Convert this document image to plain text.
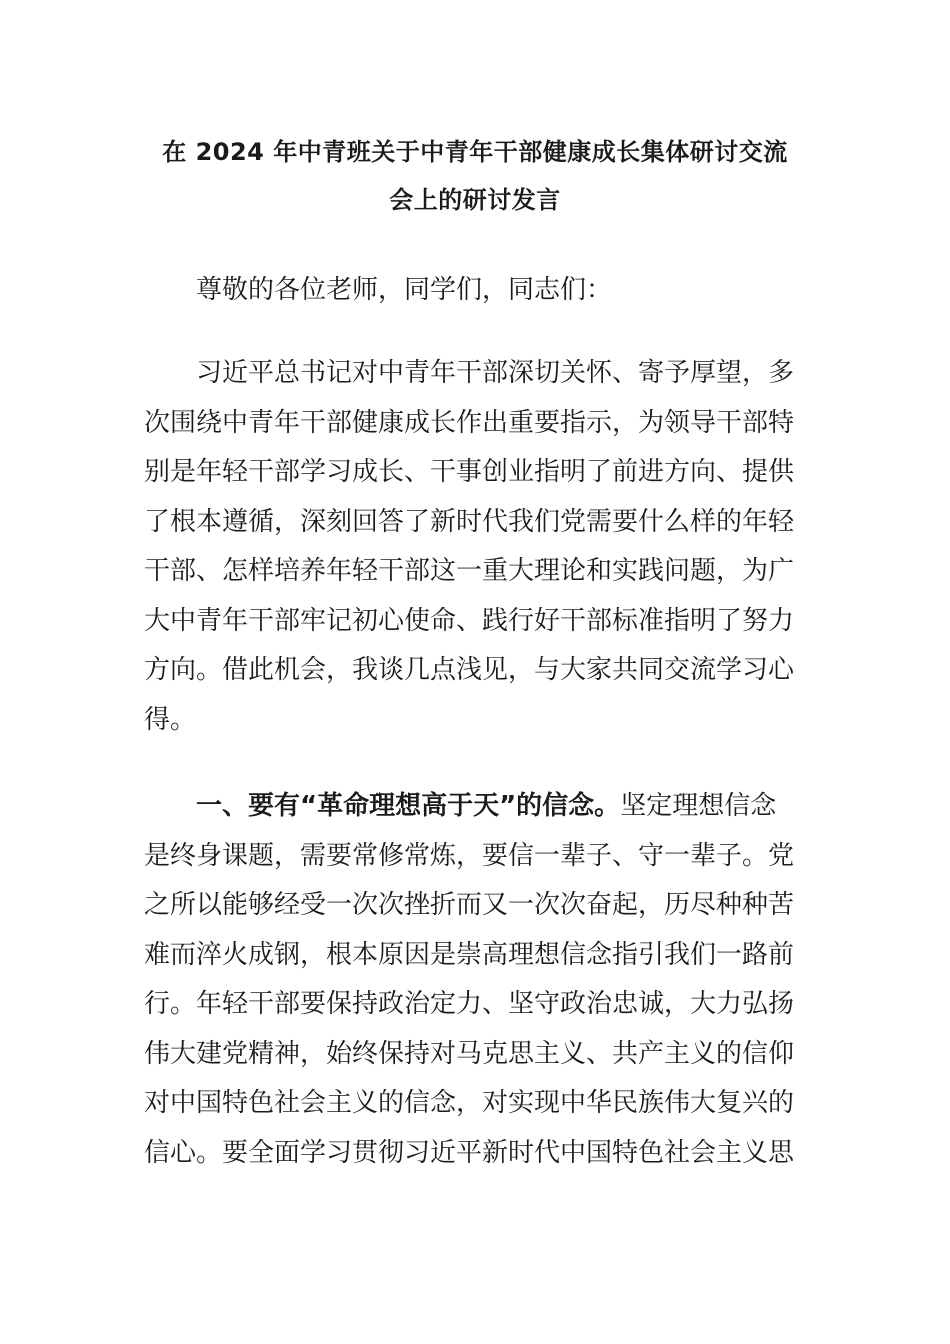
在 2024 年中青班关于中青年干部健康成长集体研讨交流
会上的研讨发言
尊敬的各位老师，同学们，同志们：
习近平总书记对中青年干部深切关怀、寄予厚望，多
次围绕中青年干部健康成长作出重要指示，为领导干部特
别是年轻干部学习成长、干事创业指明了前进方向、提供
了根本遵循，深刻回答了新时代我们党需要什么样的年轻
干部、怎样培养年轻干部这一重大理论和实践问题，为广
大中青年干部牢记初心使命、践行好干部标准指明了努力
方向。借此机会，我谈几点浅见，与大家共同交流学习心
得。
一、要有“革命理想高于天”的信念。坚定理想信念
是终身课题，需要常修常炼，要信一辈子、守一辈子。党
之所以能够经受一次次挫折而又一次次奋起，历尽种种苦
难而淬火成钢，根本原因是崇高理想信念指引我们一路前
行。年轻干部要保持政治定力、坚守政治忠诚，大力弘扬
伟大建党精神，始终保持对马克思主义、共产主义的信仰
对中国特色社会主义的信念，对实现中华民族伟大复兴的
信心。要全面学习贯彻习近平新时代中国特色社会主义思
